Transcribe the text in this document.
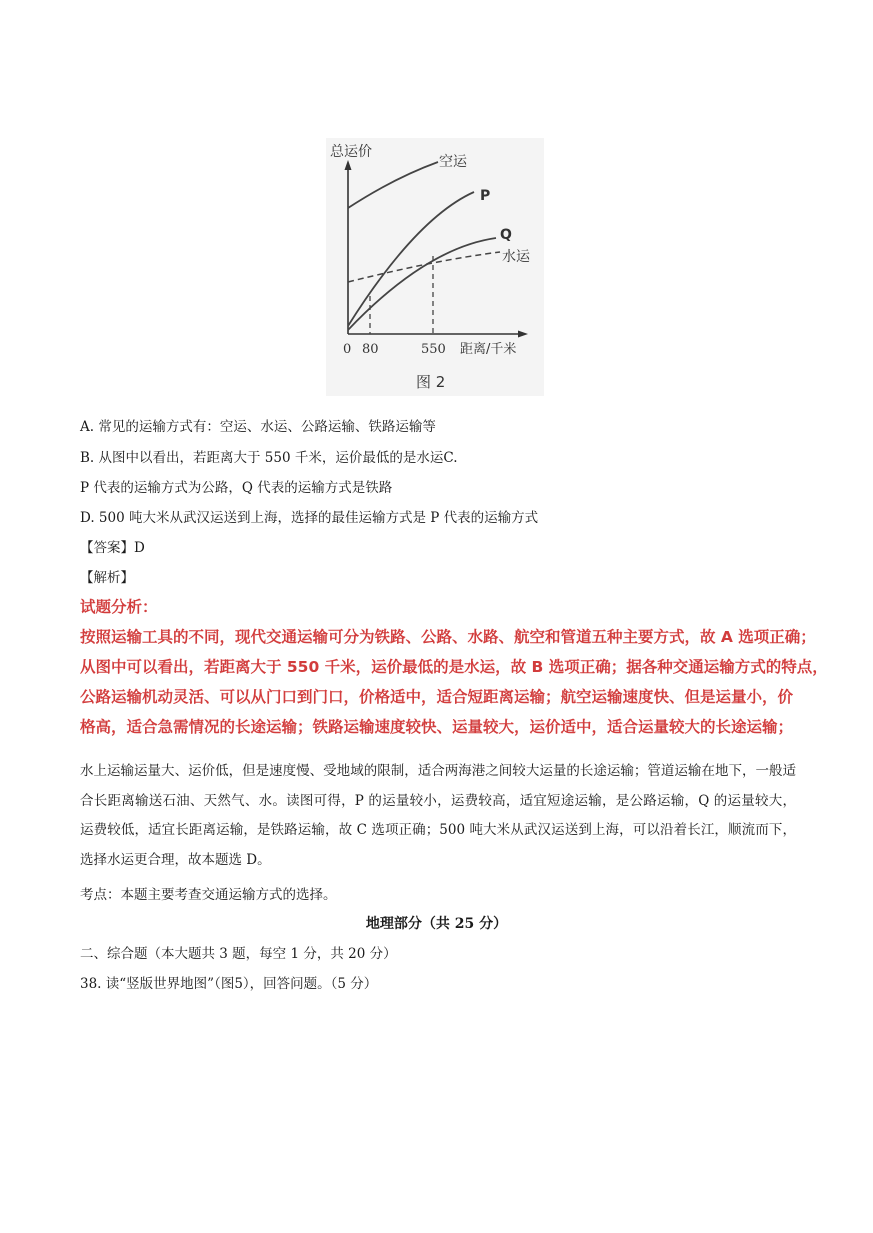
总运价
空运
P
Q
水运
0 80	550 距离/千米
图 2
A. 常见的运输方式有：空运、水运、公路运输、铁路运输等
B. 从图中以看出，若距离大于 550 千米，运价最低的是水运C.
P 代表的运输方式为公路，Q 代表的运输方式是铁路
D. 500 吨大米从武汉运送到上海，选择的最佳运输方式是 P 代表的运输方式
【答案】D
【解析】
试题分析：
按照运输工具的不同，现代交通运输可分为铁路、公路、水路、航空和管道五种主要方式，故 A 选项正确；
从图中可以看出，若距离大于 550 千米，运价最低的是水运，故 B 选项正确；据各种交通运输方式的特点，
公路运输机动灵活、可以从门口到门口，价格适中，适合短距离运输；航空运输速度快、但是运量小，价
格高，适合急需情况的长途运输；铁路运输速度较快、运量较大，运价适中，适合运量较大的长途运输；
水上运输运量大、运价低，但是速度慢、受地域的限制，适合两海港之间较大运量的长途运输；管道运输在地下，一般适合长距离输送石油、天然气、水。读图可得，P 的运量较小，运费较高，适宜短途运输，是公路运输，Q 的运量较大，运费较低，适宜长距离运输，是铁路运输，故 C 选项正确；500 吨大米从武汉运送到上海，可以沿着长江，顺流而下，选择水运更合理，故本题选 D。
考点：本题主要考查交通运输方式的选择。
地理部分（共 25 分）
二、综合题（本大题共 3 题，每空 1 分，共 20 分）
38. 读“竖版世界地图”（图5），回答问题。（5 分）
